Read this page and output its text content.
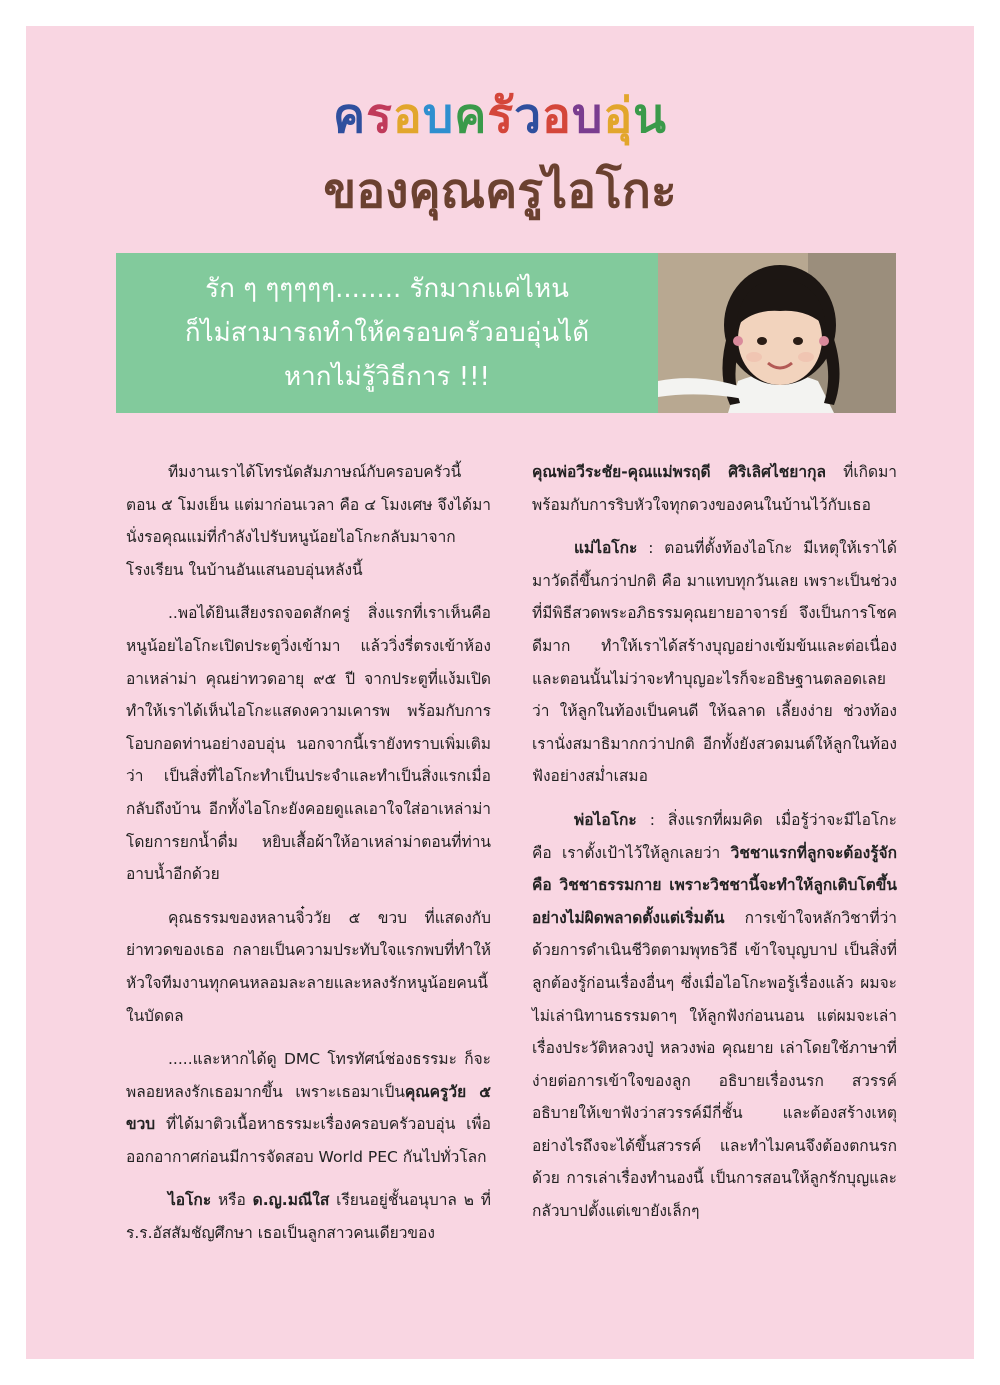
ครอบครวอบอน
ของคุณครูไอโกะ
รัก ๆ ๆๆๆๆๆ........ รักมากแค่ไหน
ก็ไม่สามารถทำให้ครอบครัวอบอุ่นได้
หากไม่รู้วิธีการ !!!

ทีมงานเราได้โทรนัดสัมภาษณ์กับครอบครัวนี้ตอน ๕ โมงเย็น แต่มาก่อนเวลา คือ ๔ โมงเศษ จึงได้มานั่งรอคุณแม่ที่กำลังไปรับหนูน้อยไอโกะกลับมาจากโรงเรียน ในบ้านอันแสนอบอุ่นหลังนี้

..พอได้ยินเสียงรถจอดสักครู่ สิ่งแรกที่เราเห็นคือหนูน้อยไอโกะเปิดประตูวิ่งเข้ามา แล้ววิ่งรี่ตรงเข้าห้องอาเหล่าม่า คุณย่าทวดอายุ ๙๕ ปี จากประตูที่แง้มเปิด ทำให้เราได้เห็นไอโกะแสดงความเคารพ พร้อมกับการโอบกอดท่านอย่างอบอุ่น นอกจากนี้เรายังทราบเพิ่มเติมว่า เป็นสิ่งที่ไอโกะทำเป็นประจำและทำเป็นสิ่งแรกเมื่อกลับถึงบ้าน อีกทั้งไอโกะยังคอยดูแลเอาใจใส่อาเหล่าม่า โดยการยกน้ำดื่ม หยิบเสื้อผ้าให้อาเหล่าม่าตอนที่ท่านอาบน้ำอีกด้วย

คุณธรรมของหลานจิ๋ววัย ๕ ขวบ ที่แสดงกับย่าทวดของเธอ กลายเป็นความประทับใจแรกพบที่ทำให้หัวใจทีมงานทุกคนหลอมละลายและหลงรักหนูน้อยคนนี้ในบัดดล

.....และหากได้ดู DMC โทรทัศน์ช่องธรรมะ ก็จะพลอยหลงรักเธอมากขึ้น เพราะเธอมาเป็นคุณครูวัย ๕ ขวบ ที่ได้มาติวเนื้อหาธรรมะเรื่องครอบครัวอบอุ่น เพื่อออกอากาศก่อนมีการจัดสอบ World PEC กันไปทั่วโลก

ไอโกะ หรือ ด.ญ.มณีใส เรียนอยู่ชั้นอนุบาล ๒ ที่ ร.ร.อัสสัมชัญศึกษา เธอเป็นลูกสาวคนเดียวของ

คุณพ่อวีระชัย-คุณแม่พรฤดี ศิริเลิศไชยากุล ที่เกิดมาพร้อมกับการริบหัวใจทุกดวงของคนในบ้านไว้กับเธอ

แม่ไอโกะ : ตอนที่ตั้งท้องไอโกะ มีเหตุให้เราได้มาวัดถี่ขึ้นกว่าปกติ คือ มาแทบทุกวันเลย เพราะเป็นช่วงที่มีพิธีสวดพระอภิธรรมคุณยายอาจารย์ จึงเป็นการโชคดีมาก ทำให้เราได้สร้างบุญอย่างเข้มข้นและต่อเนื่อง และตอนนั้นไม่ว่าจะทำบุญอะไรก็จะอธิษฐานตลอดเลยว่า ให้ลูกในท้องเป็นคนดี ให้ฉลาด เลี้ยงง่าย ช่วงท้องเรานั่งสมาธิมากกว่าปกติ อีกทั้งยังสวดมนต์ให้ลูกในท้องฟังอย่างสม่ำเสมอ

พ่อไอโกะ : สิ่งแรกที่ผมคิด เมื่อรู้ว่าจะมีไอโกะ คือ เราตั้งเป้าไว้ให้ลูกเลยว่า วิชชาแรกที่ลูกจะต้องรู้จัก คือ วิชชาธรรมกาย เพราะวิชชานี้จะทำให้ลูกเติบโตขึ้นอย่างไม่ผิดพลาดตั้งแต่เริ่มต้น การเข้าใจหลักวิชาที่ว่าด้วยการดำเนินชีวิตตามพุทธวิธี เข้าใจบุญบาป เป็นสิ่งที่ลูกต้องรู้ก่อนเรื่องอื่นๆ ซึ่งเมื่อไอโกะพอรู้เรื่องแล้ว ผมจะไม่เล่านิทานธรรมดาๆ ให้ลูกฟังก่อนนอน แต่ผมจะเล่าเรื่องประวัติหลวงปู่ หลวงพ่อ คุณยาย เล่าโดยใช้ภาษาที่ง่ายต่อการเข้าใจของลูก อธิบายเรื่องนรก สวรรค์ อธิบายให้เขาฟังว่าสวรรค์มีกี่ชั้น และต้องสร้างเหตุอย่างไรถึงจะได้ขึ้นสวรรค์ และทำไมคนจึงต้องตกนรกด้วย การเล่าเรื่องทำนองนี้ เป็นการสอนให้ลูกรักบุญและกลัวบาปตั้งแต่เขายังเล็กๆ
